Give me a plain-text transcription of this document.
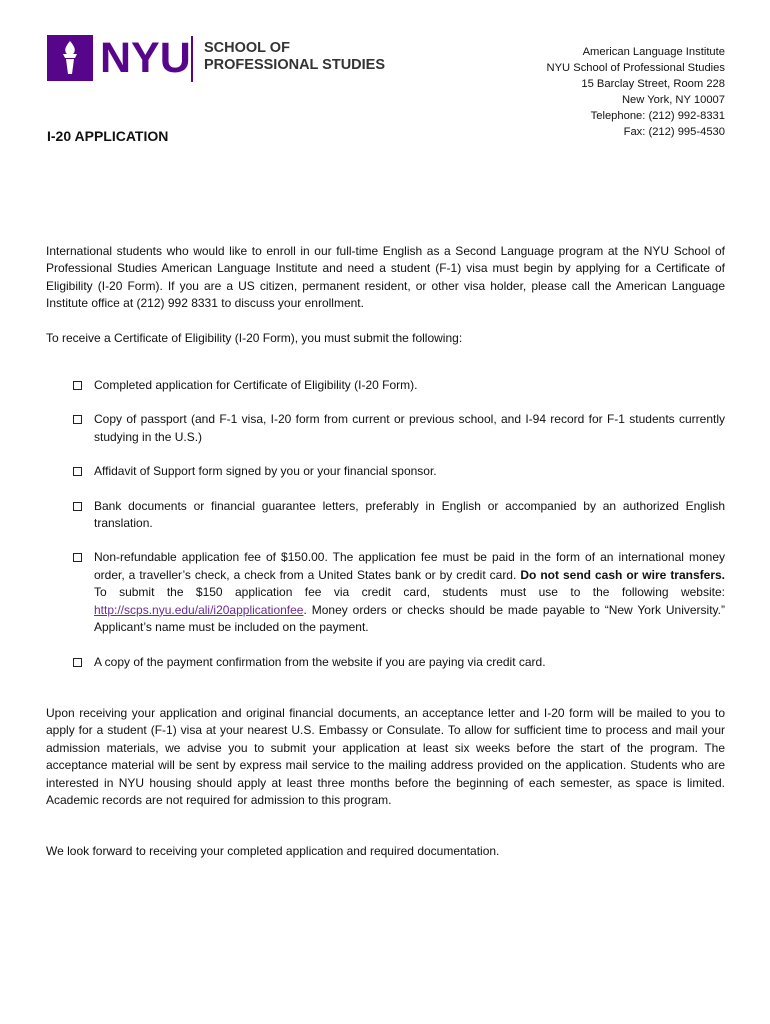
NYU SCHOOL OF
PROFESSIONAL STUDIES
American Language Institute
NYU School of Professional Studies
15 Barclay Street, Room 228
New York, NY 10007
Telephone: (212) 992-8331
Fax: (212) 995-4530
I-20 APPLICATION

International students who would like to enroll in our full-time English as a Second Language program at the NYU School of Professional Studies American Language Institute and need a student (F-1) visa must begin by applying for a Certificate of Eligibility (I-20 Form). If you are a US citizen, permanent resident, or other visa holder, please call the American Language Institute office at (212) 992 8331 to discuss your enrollment.

To receive a Certificate of Eligibility (I-20 Form), you must submit the following:

Completed application for Certificate of Eligibility (I-20 Form).
Copy of passport (and F-1 visa, I-20 form from current or previous school, and I-94 record for F-1 students currently studying in the U.S.)
Affidavit of Support form signed by you or your financial sponsor.
Bank documents or financial guarantee letters, preferably in English or accompanied by an authorized English translation.
Non-refundable application fee of $150.00. The application fee must be paid in the form of an international money order, a traveller’s check, a check from a United States bank or by credit card. Do not send cash or wire transfers. To submit the $150 application fee via credit card, students must use to the following website: http://scps.nyu.edu/ali/i20applicationfee. Money orders or checks should be made payable to “New York University.” Applicant’s name must be included on the payment.
A copy of the payment confirmation from the website if you are paying via credit card.

Upon receiving your application and original financial documents, an acceptance letter and I-20 form will be mailed to you to apply for a student (F-1) visa at your nearest U.S. Embassy or Consulate. To allow for sufficient time to process and mail your admission materials, we advise you to submit your application at least six weeks before the start of the program. The acceptance material will be sent by express mail service to the mailing address provided on the application. Students who are interested in NYU housing should apply at least three months before the beginning of each semester, as space is limited. Academic records are not required for admission to this program.

We look forward to receiving your completed application and required documentation.
